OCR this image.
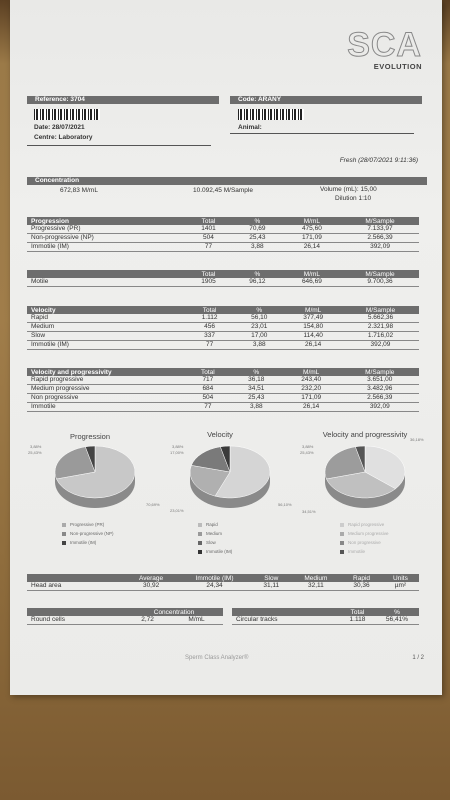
SCA
EVOLUTION
Reference: 3704	Code: ARANY
Date: 28/07/2021
Centre: Laboratory
Animal:
Fresh (28/07/2021 9:11:36)
Concentration
672,83 M/mL	10.092,45 M/Sample	Volume (mL): 15,00
Dilution 1:10
Progression	Total	%	M/mL	M/Sample
Progressive (PR)	1401	70,69	475,60	7.133,97
Non-progressive (NP)	504	25,43	171,09	2.566,39
Immotile (IM)	77	3,88	26,14	392,09
	Total	%	M/mL	M/Sample
Motile	1905	96,12	646,69	9.700,36
Velocity	Total	%	M/mL	M/Sample
Rapid	1.112	56,10	377,49	5.662,36
Medium	456	23,01	154,80	2.321,98
Slow	337	17,00	114,40	1.716,02
Immotile (IM)	77	3,88	26,14	392,09
Velocity and progressivity	Total	%	M/mL	M/Sample
Rapid progressive	717	36,18	243,40	3.651,00
Medium progressive	684	34,51	232,20	3.482,96
Non progressive	504	25,43	171,09	2.566,39
Immotile	77	3,88	26,14	392,09
Progression	Velocity	Velocity and progressivity
3,88%
25,43%
70,69%
3,88%
17,00%
23,01%
56,10%
3,88%
25,43%
36,18%
34,51%
Progressive (PR)
Non-progressive (NP)
Immotile (IM)
Rapid
Medium
Slow
Immotile (IM)
Rapid progressive
Medium progressive
Non progressive
Immotile
	Average	Immotile (IM)	Slow	Medium	Rapid	Units
Head area	30,92	24,34	31,11	32,11	30,36	µm²
	Concentration	
Round cells	2,72	M/mL
	Total	%
Circular tracks	1.118	56,41%
Sperm Class Analyzer®	1 / 2
